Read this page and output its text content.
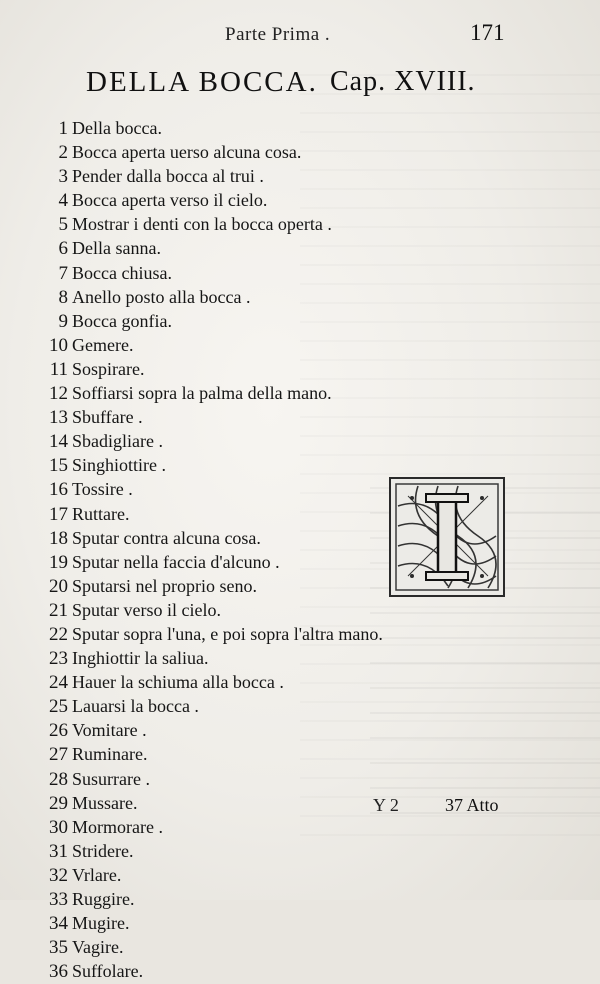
Parte Prima .	171
DELLA BOCCA. Cap. XVIII.
1 Della bocca.
2 Bocca aperta uerso alcuna cosa.
3 Pender dalla bocca al trui .
4 Bocca aperta verso il cielo.
5 Mostrar i denti con la bocca operta .
6 Della sanna.
7 Bocca chiusa.
8 Anello posto alla bocca .
9 Bocca gonfia.
10 Gemere.
11 Sospirare.
12 Soffiarsi sopra la palma della mano.
13 Sbuffare .
14 Sbadigliare .
15 Singhiottire .
16 Tossire .
17 Ruttare.
18 Sputar contra alcuna cosa.
19 Sputar nella faccia d'alcuno .
20 Sputarsi nel proprio seno.
21 Sputar verso il cielo.
22 Sputar sopra l'una, e poi sopra l'altra mano.
23 Inghiottir la saliua.
24 Hauer la schiuma alla bocca .
25 Lauarsi la bocca .
26 Vomitare .
27 Ruminare.
28 Susurrare .
29 Mussare.
30 Mormorare .
31 Stridere.
32 Vrlare.
33 Ruggire.
34 Mugire.
35 Vagire.
36 Suffolare.
Y 2	37 Atto
